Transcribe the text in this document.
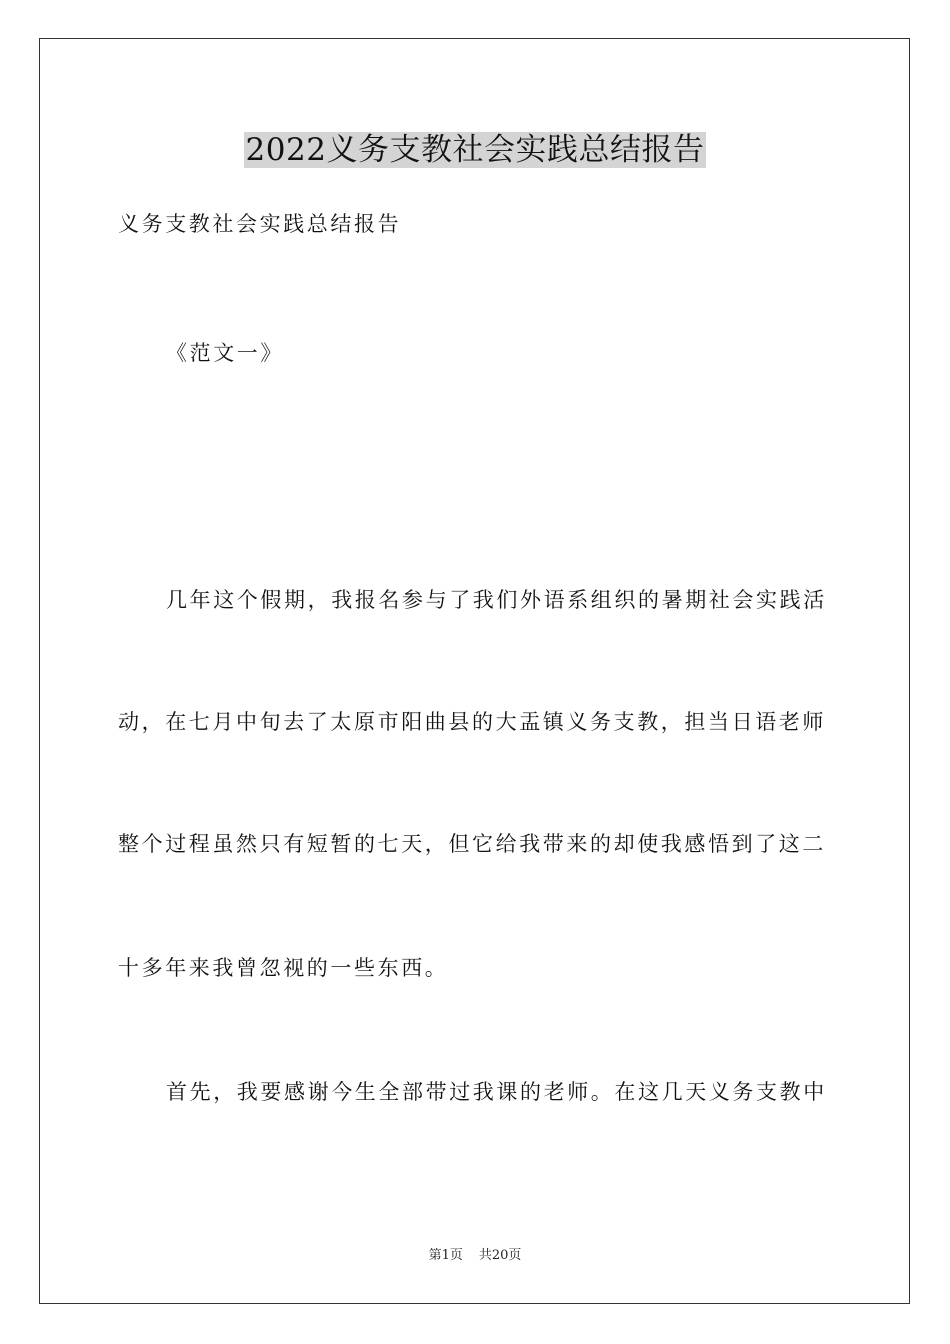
2022义务支教社会实践总结报告
义务支教社会实践总结报告
《范文一》
几年这个假期，我报名参与了我们外语系组织的暑期社会实践活
动，在七月中旬去了太原市阳曲县的大盂镇义务支教，担当日语老师
整个过程虽然只有短暂的七天，但它给我带来的却使我感悟到了这二
十多年来我曾忽视的一些东西。
首先，我要感谢今生全部带过我课的老师。在这几天义务支教中
第1页 共20页
